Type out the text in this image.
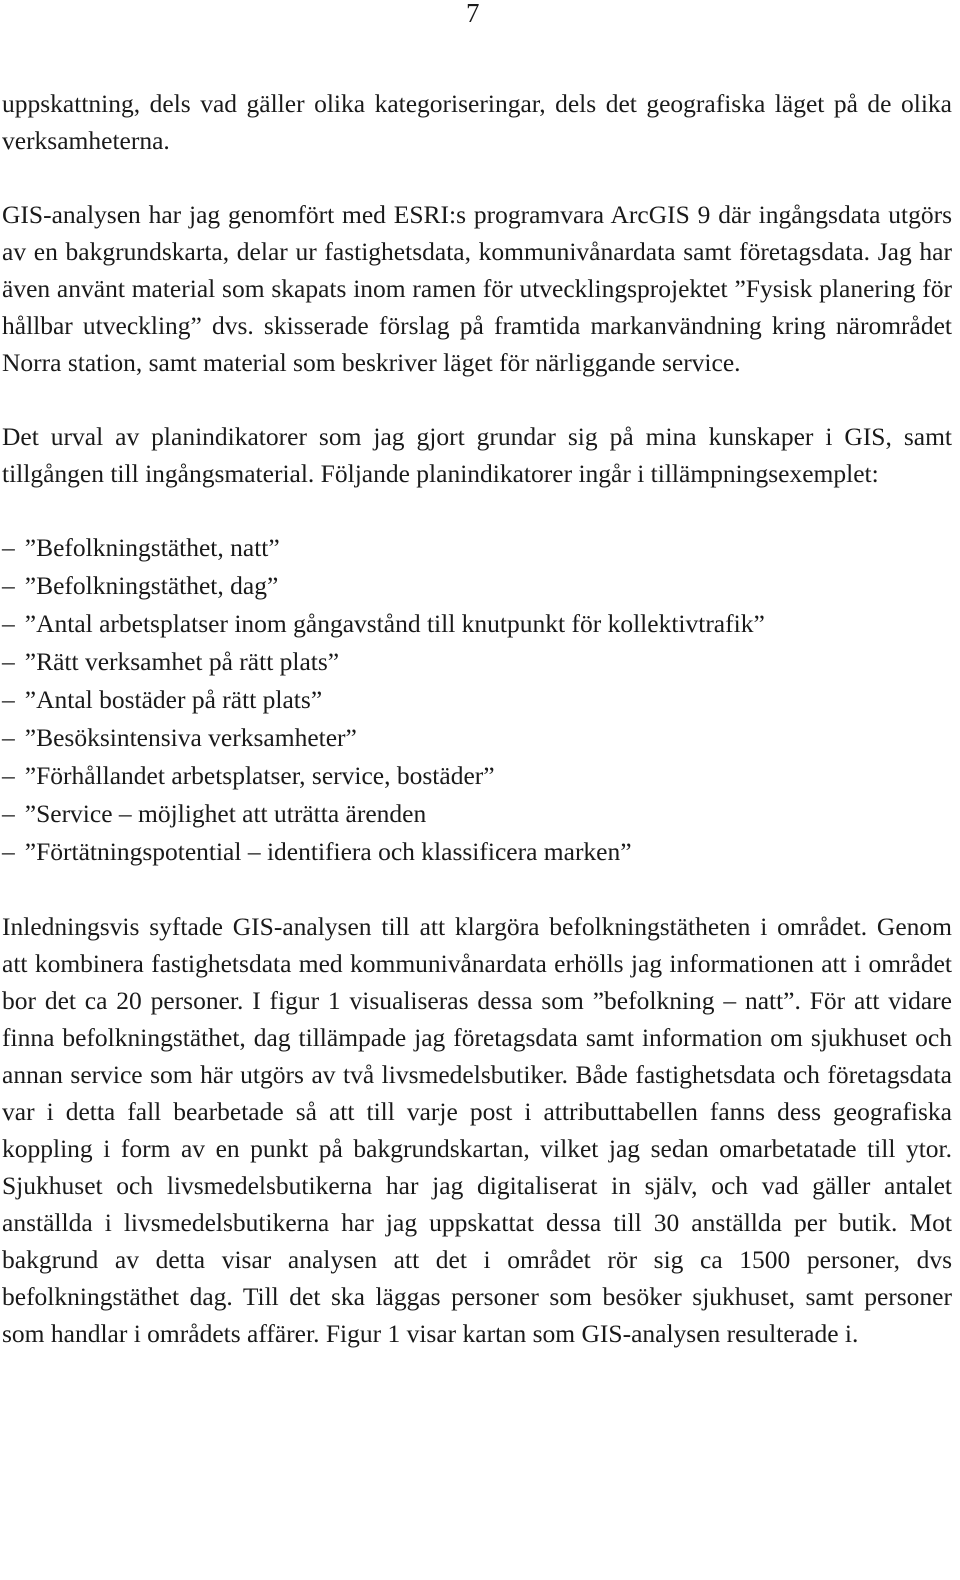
7

uppskattning, dels vad gäller olika kategoriseringar, dels det geografiska läget på de olika verksamheterna.

GIS-analysen har jag genomfört med ESRI:s programvara ArcGIS 9 där ingångsdata utgörs av en bakgrundskarta, delar ur fastighetsdata, kommunivånardata samt företagsdata. Jag har även använt material som skapats inom ramen för utvecklingsprojektet ”Fysisk planering för hållbar utveckling” dvs. skisserade förslag på framtida markanvändning kring närområdet Norra station, samt material som beskriver läget för närliggande service.

Det urval av planindikatorer som jag gjort grundar sig på mina kunskaper i GIS, samt tillgången till ingångsmaterial. Följande planindikatorer ingår i tillämpningsexemplet:

– ”Befolkningstäthet, natt”
– ”Befolkningstäthet, dag”
– ”Antal arbetsplatser inom gångavstånd till knutpunkt för kollektivtrafik”
– ”Rätt verksamhet på rätt plats”
– ”Antal bostäder på rätt plats”
– ”Besöksintensiva verksamheter”
– ”Förhållandet arbetsplatser, service, bostäder”
– ”Service – möjlighet att uträtta ärenden
– ”Förtätningspotential – identifiera och klassificera marken”

Inledningsvis syftade GIS-analysen till att klargöra befolkningstätheten i området. Genom att kombinera fastighetsdata med kommunivånardata erhölls jag informationen att i området bor det ca 20 personer. I figur 1 visualiseras dessa som ”befolkning – natt”. För att vidare finna befolkningstäthet, dag tillämpade jag företagsdata samt information om sjukhuset och annan service som här utgörs av två livsmedelsbutiker. Både fastighetsdata och företagsdata var i detta fall bearbetade så att till varje post i attributtabellen fanns dess geografiska koppling i form av en punkt på bakgrundskartan, vilket jag sedan omarbetatade till ytor. Sjukhuset och livsmedelsbutikerna har jag digitaliserat in själv, och vad gäller antalet anställda i livsmedelsbutikerna har jag uppskattat dessa till 30 anställda per butik. Mot bakgrund av detta visar analysen att det i området rör sig ca 1500 personer, dvs befolkningstäthet dag. Till det ska läggas personer som besöker sjukhuset, samt personer som handlar i områdets affärer. Figur 1 visar kartan som GIS-analysen resulterade i.
